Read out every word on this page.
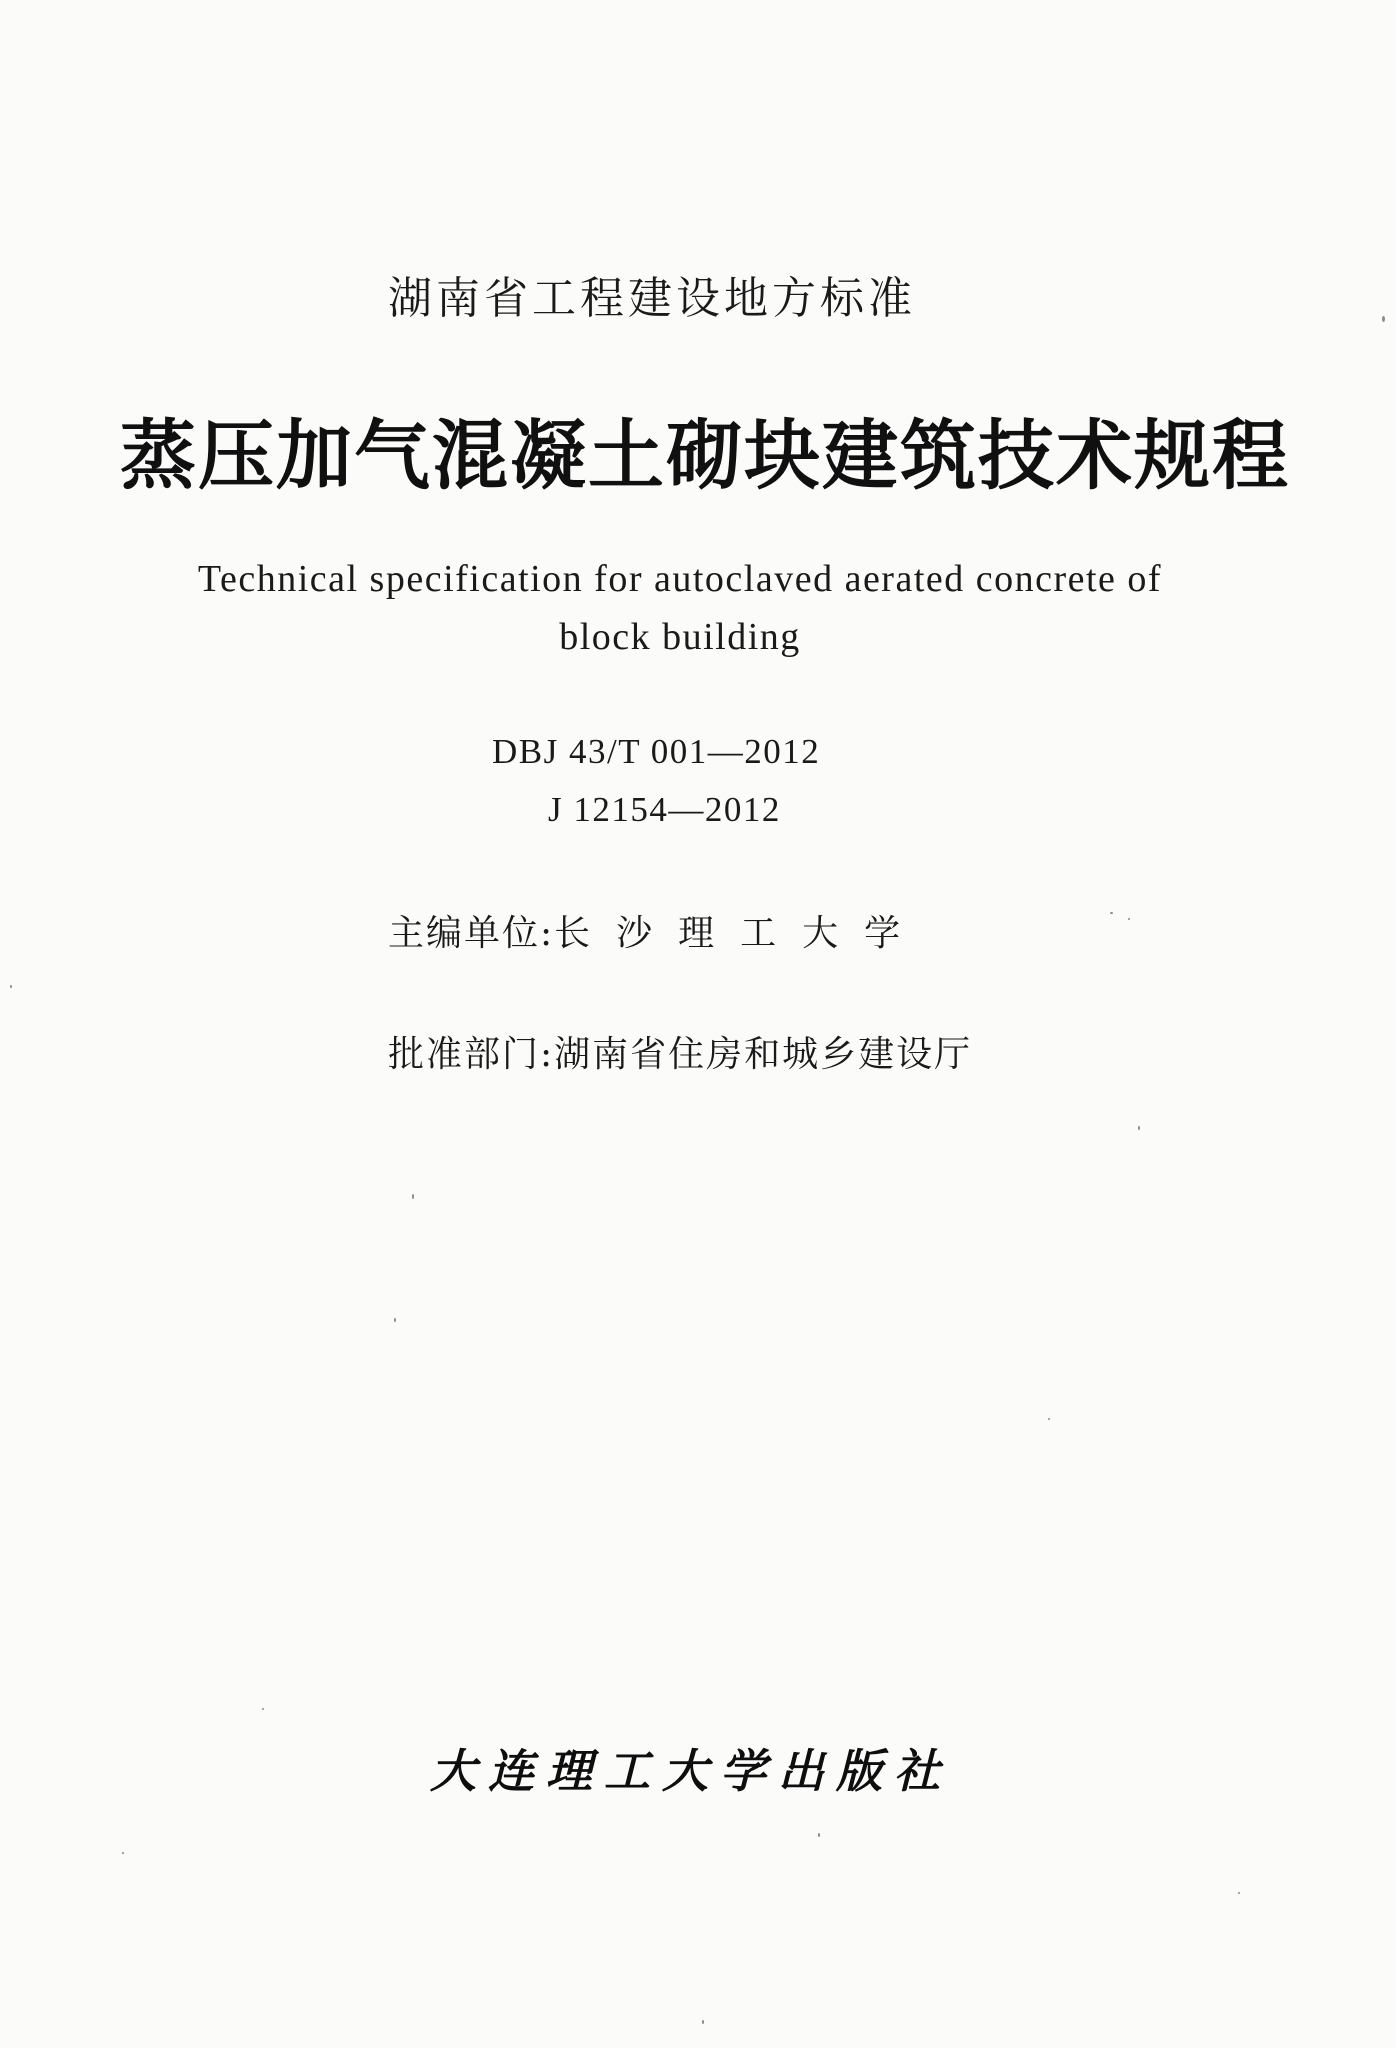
湖南省工程建设地方标准
蒸压加气混凝土砌块建筑技术规程
Technical specification for autoclaved aerated concrete of block building
DBJ 43/T 001—2012
J 12154—2012
主编单位:长沙理工大学
批准部门:湖南省住房和城乡建设厅
大连理工大学出版社
